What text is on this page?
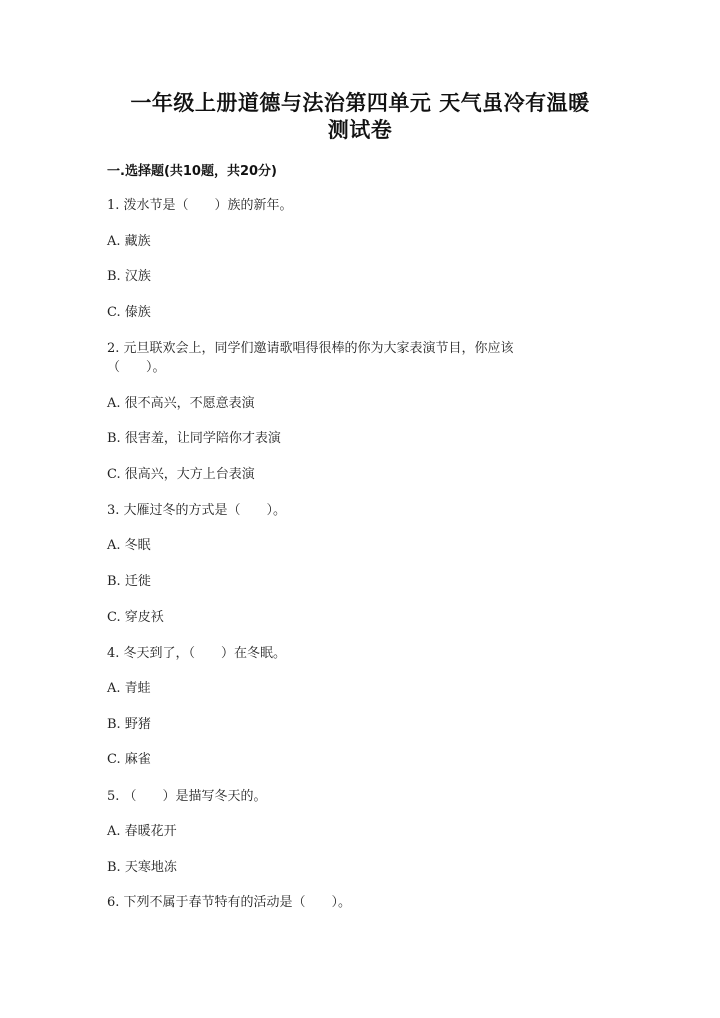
一年级上册道德与法治第四单元 天气虽冷有温暖
测试卷
一.选择题(共10题，共20分)
1. 泼水节是（　　）族的新年。
A. 藏族
B. 汉族
C. 傣族
2. 元旦联欢会上，同学们邀请歌唱得很棒的你为大家表演节目，你应该
（　　）。
A. 很不高兴，不愿意表演
B. 很害羞，让同学陪你才表演
C. 很高兴，大方上台表演
3. 大雁过冬的方式是（　　）。
A. 冬眠
B. 迁徙
C. 穿皮袄
4. 冬天到了，（　　）在冬眠。
A. 青蛙
B. 野猪
C. 麻雀
5. （　　）是描写冬天的。
A. 春暖花开
B. 天寒地冻
6. 下列不属于春节特有的活动是（　　）。
